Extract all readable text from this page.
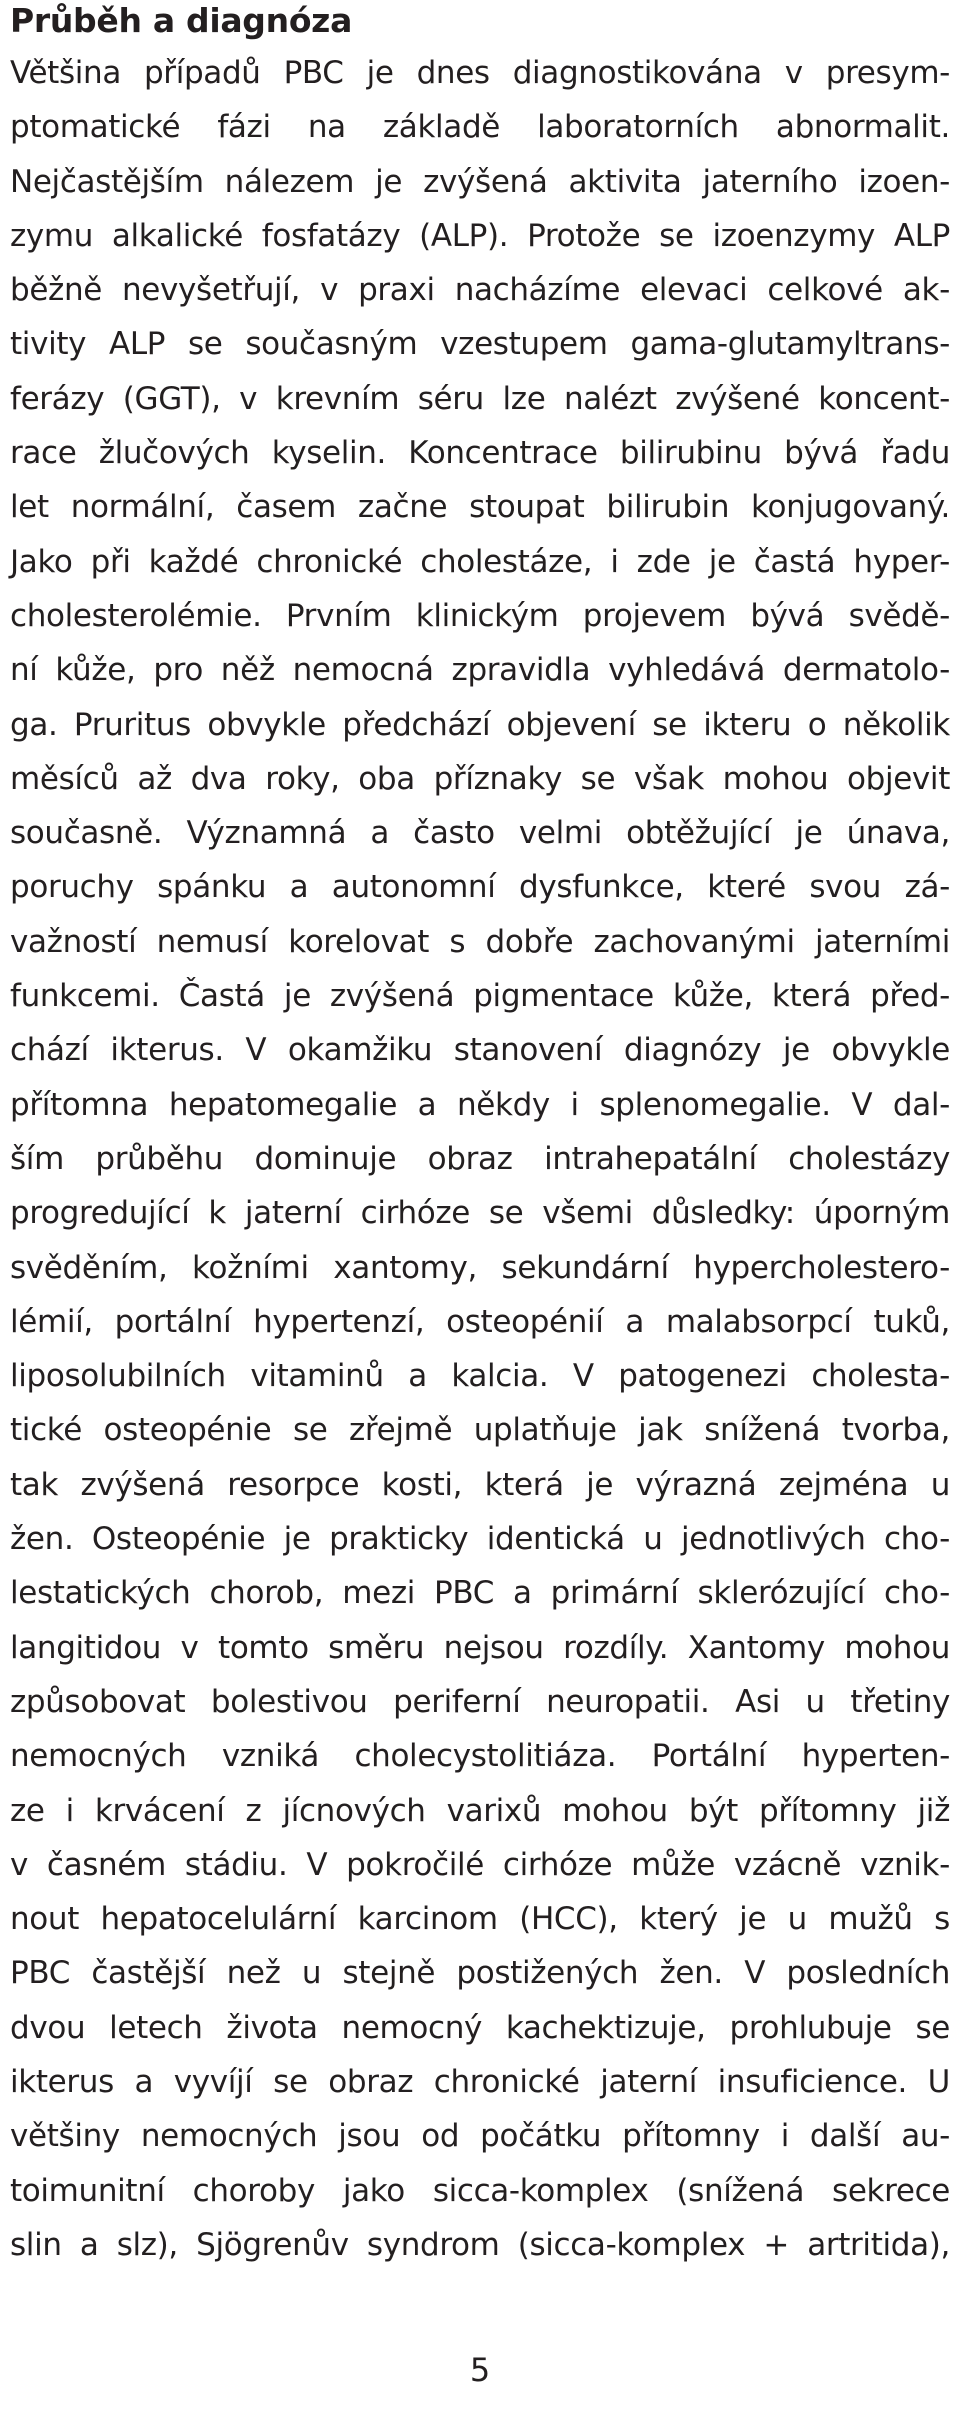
Průběh a diagnóza
Většina případů PBC je dnes diagnostikována v presym-
ptomatické fázi na základě laboratorních abnormalit.
Nejčastějším nálezem je zvýšená aktivita jaterního izoen-
zymu alkalické fosfatázy (ALP). Protože se izoenzymy ALP
běžně nevyšetřují, v praxi nacházíme elevaci celkové ak-
tivity ALP se současným vzestupem gama-glutamyltrans-
ferázy (GGT), v krevním séru lze nalézt zvýšené koncent-
race žlučových kyselin. Koncentrace bilirubinu bývá řadu
let normální, časem začne stoupat bilirubin konjugovaný.
Jako při každé chronické cholestáze, i zde je častá hyper-
cholesterolémie. Prvním klinickým projevem bývá svědě-
ní kůže, pro něž nemocná zpravidla vyhledává dermatolo-
ga. Pruritus obvykle předchází objevení se ikteru o několik
měsíců až dva roky, oba příznaky se však mohou objevit
současně. Významná a často velmi obtěžující je únava,
poruchy spánku a autonomní dysfunkce, které svou zá-
važností nemusí korelovat s dobře zachovanými jaterními
funkcemi. Častá je zvýšená pigmentace kůže, která před-
chází ikterus. V okamžiku stanovení diagnózy je obvykle
přítomna hepatomegalie a někdy i splenomegalie. V dal-
ším průběhu dominuje obraz intrahepatální cholestázy
progredující k jaterní cirhóze se všemi důsledky: úporným
svěděním, kožními xantomy, sekundární hypercholestero-
lémií, portální hypertenzí, osteopénií a malabsorpcí tuků,
liposolubilních vitaminů a kalcia. V patogenezi cholesta-
tické osteopénie se zřejmě uplatňuje jak snížená tvorba,
tak zvýšená resorpce kosti, která je výrazná zejména u
žen. Osteopénie je prakticky identická u jednotlivých cho-
lestatických chorob, mezi PBC a primární sklerózující cho-
langitidou v tomto směru nejsou rozdíly. Xantomy mohou
způsobovat bolestivou periferní neuropatii. Asi u třetiny
nemocných vzniká cholecystolitiáza. Portální hyperten-
ze i krvácení z jícnových varixů mohou být přítomny již
v časném stádiu. V pokročilé cirhóze může vzácně vznik-
nout hepatocelulární karcinom (HCC), který je u mužů s
PBC častější než u stejně postižených žen. V posledních
dvou letech života nemocný kachektizuje, prohlubuje se
ikterus a vyvíjí se obraz chronické jaterní insuficience. U
většiny nemocných jsou od počátku přítomny i další au-
toimunitní choroby jako sicca-komplex (snížená sekrece
slin a slz), Sjögrenův syndrom (sicca-komplex + artritida),
5
